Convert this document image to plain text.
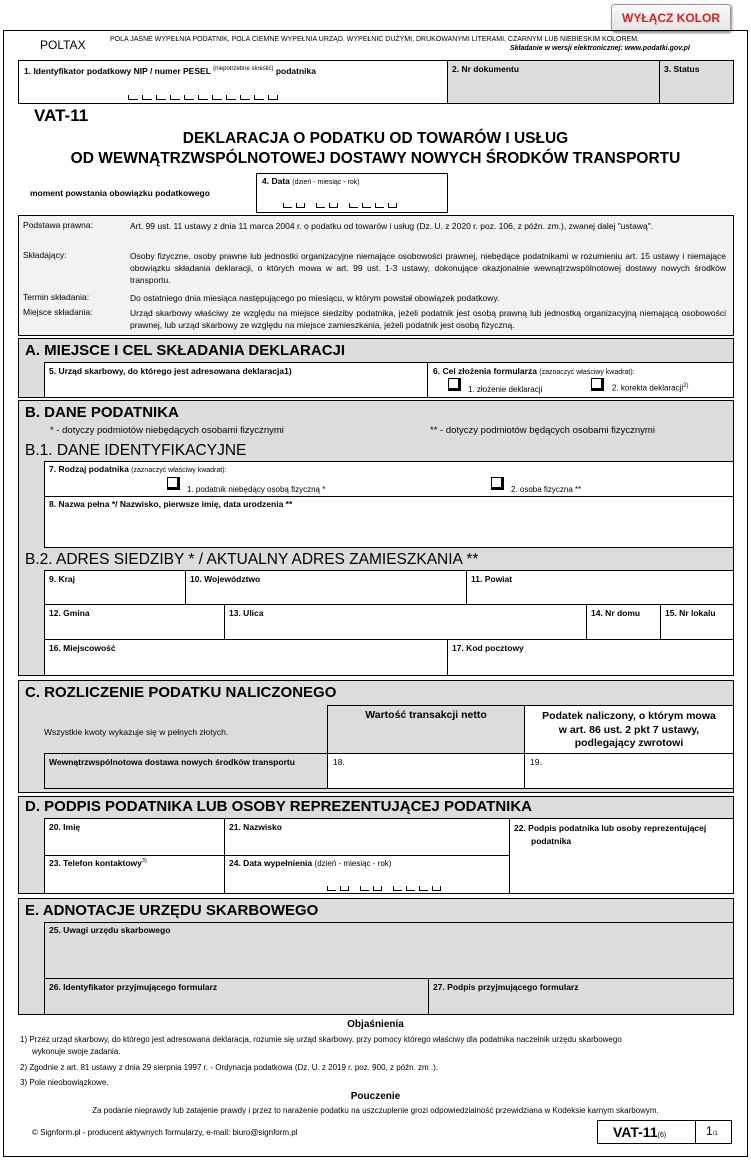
WYŁĄCZ KOLOR
POLTAX	POLA JASNE WYPEŁNIA PODATNIK, POLA CIEMNE WYPEŁNIA URZĄD. WYPEŁNIĆ DUŻYMI, DRUKOWANYMI LITERAMI, CZARNYM LUB NIEBIESKIM KOLOREM.
Składanie w wersji elektronicznej: www.podatki.gov.pl
1. Identyfikator podatkowy NIP / numer PESEL $^{(niepotrzebne skreślić)}$ podatnika	2. Nr dokumentu	3. Status
VAT-11
DEKLARACJA O PODATKU OD TOWARÓW I USŁUG
OD WEWNĄTRZWSPÓLNOTOWEJ DOSTAWY NOWYCH ŚRODKÓW TRANSPORTU
moment powstania obowiązku podatkowego
4. Data (dzień - miesiąc - rok)
Podstawa prawna:	Art. 99 ust. 11 ustawy z dnia 11 marca 2004 r. o podatku od towarów i usług (Dz. U. z 2020 r. poz. 106, z późn. zm.), zwanej dalej "ustawą".
Składający:	Osoby fizyczne, osoby prawne lub jednostki organizacyjne niemające osobowości prawnej, niebędące podatnikami w rozumieniu art. 15 ustawy i niemające obowiązku składania deklaracji, o których mowa w art. 99 ust. 1-3 ustawy, dokonujące okazjonalnie wewnątrzwspólnotowej dostawy nowych środków transportu.
Termin składania:	Do ostatniego dnia miesiąca następującego po miesiącu, w którym powstał obowiązek podatkowy.
Miejsce składania:	Urząd skarbowy właściwy ze względu na miejsce siedziby podatnika, jeżeli podatnik jest osobą prawną lub jednostką organizacyjną niemającą osobowości prawnej, lub urząd skarbowy ze względu na miejsce zamieszkania, jeżeli podatnik jest osobą fizyczną.
A. MIEJSCE I CEL SKŁADANIA DEKLARACJI
5. Urząd skarbowy, do którego jest adresowana deklaracja1)	6. Cel złożenia formularza (zaznaczyć właściwy kwadrat):
1. złożenie deklaracji	2. korekta deklaracji$^{2)}$
B. DANE PODATNIKA
* - dotyczy podmiotów niebędących osobami fizycznymi	** - dotyczy podmiotów będących osobami fizycznymi
B.1. DANE IDENTYFIKACYJNE
7. Rodzaj podatnika (zaznaczyć właściwy kwadrat):
1. podatnik niebędący osobą fizyczną *	2. osoba fizyczna **
8. Nazwa pełna */ Nazwisko, pierwsze imię, data urodzenia **
B.2. ADRES SIEDZIBY * / AKTUALNY ADRES ZAMIESZKANIA **
9. Kraj	10. Województwo	11. Powiat
12. Gmina	13. Ulica	14. Nr domu	15. Nr lokalu
16. Miejscowość	17. Kod pocztowy
C. ROZLICZENIE PODATKU NALICZONEGO
Wszystkie kwoty wykazuje się w pełnych złotych.
Wartość transakcji netto	Podatek naliczony, o którym mowa
w art. 86 ust. 2 pkt 7 ustawy,
podlegający zwrotowi
Wewnątrzwspólnotowa dostawa nowych środków transportu	18.	19.
D. PODPIS PODATNIKA LUB OSOBY REPREZENTUJĄCEJ PODATNIKA
20. Imię	21. Nazwisko	22. Podpis podatnika lub osoby reprezentującej
podatnika
23. Telefon kontaktowy$^{3)}$	24. Data wypełnienia (dzień - miesiąc - rok)
E. ADNOTACJE URZĘDU SKARBOWEGO
25. Uwagi urzędu skarbowego
26. Identyfikator przyjmującego formularz	27. Podpis przyjmującego formularz
Objaśnienia
1) Przez urząd skarbowy, do którego jest adresowana deklaracja, rozumie się urząd skarbowy, przy pomocy którego właściwy dla podatnika naczelnik urzędu skarbowego
wykonuje swoje zadania.
2) Zgodnie z art. 81 ustawy z dnia 29 sierpnia 1997 r. - Ordynacja podatkowa (Dz. U. z 2019 r. poz. 900, z późn. zm .).
3) Pole nieobowiązkowe.
Pouczenie
Za podanie nieprawdy lub zatajenie prawdy i przez to narażenie podatku na uszczuplenie grozi odpowiedzialność przewidziana w Kodeksie karnym skarbowym.
© Signform.pl - producent aktywnych formularzy, e-mail: biuro@signform.pl	VAT-11(6)	1/1
